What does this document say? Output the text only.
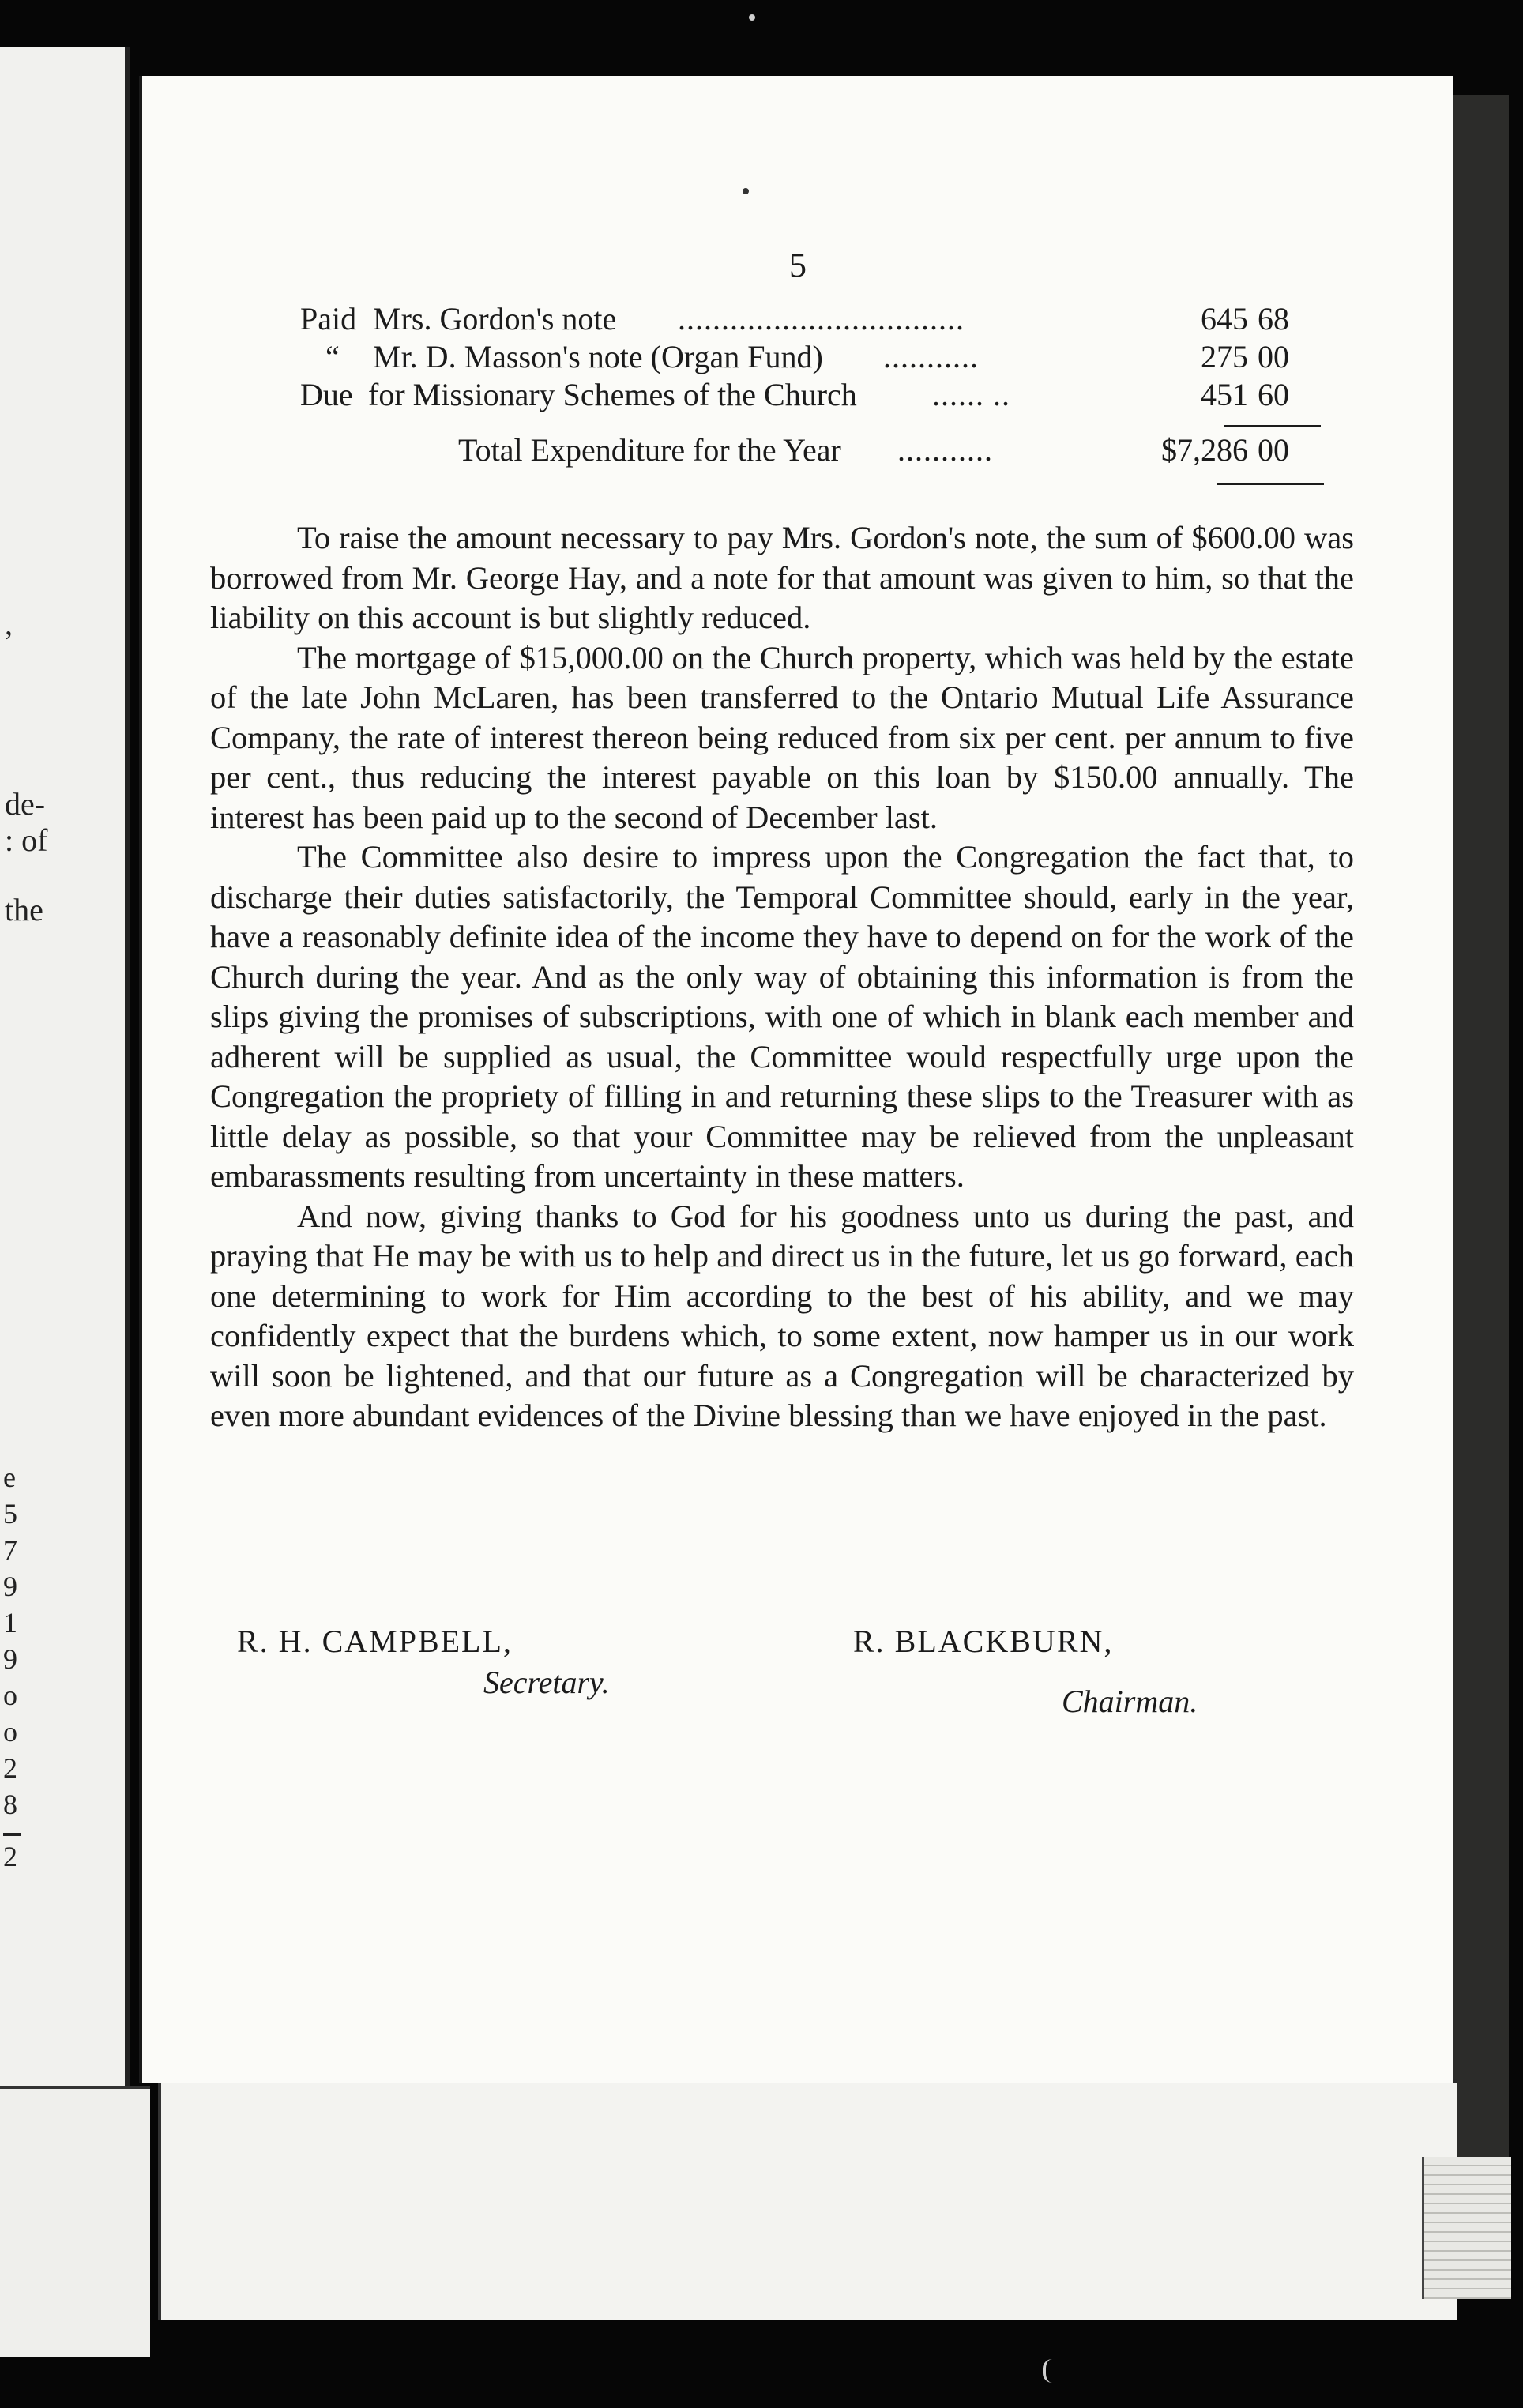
,
de-
: of
the
e
5
7
9
1
9
o
o
2
8
2
5
Paid Mrs. Gordon's note .................................	645 68
“ Mr. D. Masson's note (Organ Fund) ...........	275 00
Due for Missionary Schemes of the Church ...... ..	451 60
Total Expenditure for the Year ...........	$7,286 00

To raise the amount necessary to pay Mrs. Gordon's note, the sum of $600.00 was borrowed from Mr. George Hay, and a note for that amount was given to him, so that the liability on this account is but slightly reduced.

The mortgage of $15,000.00 on the Church property, which was held by the estate of the late John McLaren, has been transferred to the Ontario Mutual Life Assurance Company, the rate of interest thereon being reduced from six per cent. per annum to five per cent., thus reducing the interest payable on this loan by $150.00 annually. The interest has been paid up to the second of December last.

The Committee also desire to impress upon the Congregation the fact that, to discharge their duties satisfactorily, the Temporal Committee should, early in the year, have a reasonably definite idea of the income they have to depend on for the work of the Church during the year. And as the only way of obtaining this information is from the slips giving the promises of subscriptions, with one of which in blank each member and adherent will be supplied as usual, the Committee would respectfully urge upon the Congregation the propriety of filling in and returning these slips to the Treasurer with as little delay as possible, so that your Committee may be relieved from the unpleasant embarassments resulting from uncertainty in these matters.

And now, giving thanks to God for his goodness unto us during the past, and praying that He may be with us to help and direct us in the future, let us go forward, each one determining to work for Him according to the best of his ability, and we may confidently expect that the burdens which, to some extent, now hamper us in our work will soon be lightened, and that our future as a Congregation will be characterized by even more abundant evidences of the Divine blessing than we have enjoyed in the past.

R. H. CAMPBELL,
Secretary.
R. BLACKBURN,
Chairman.
